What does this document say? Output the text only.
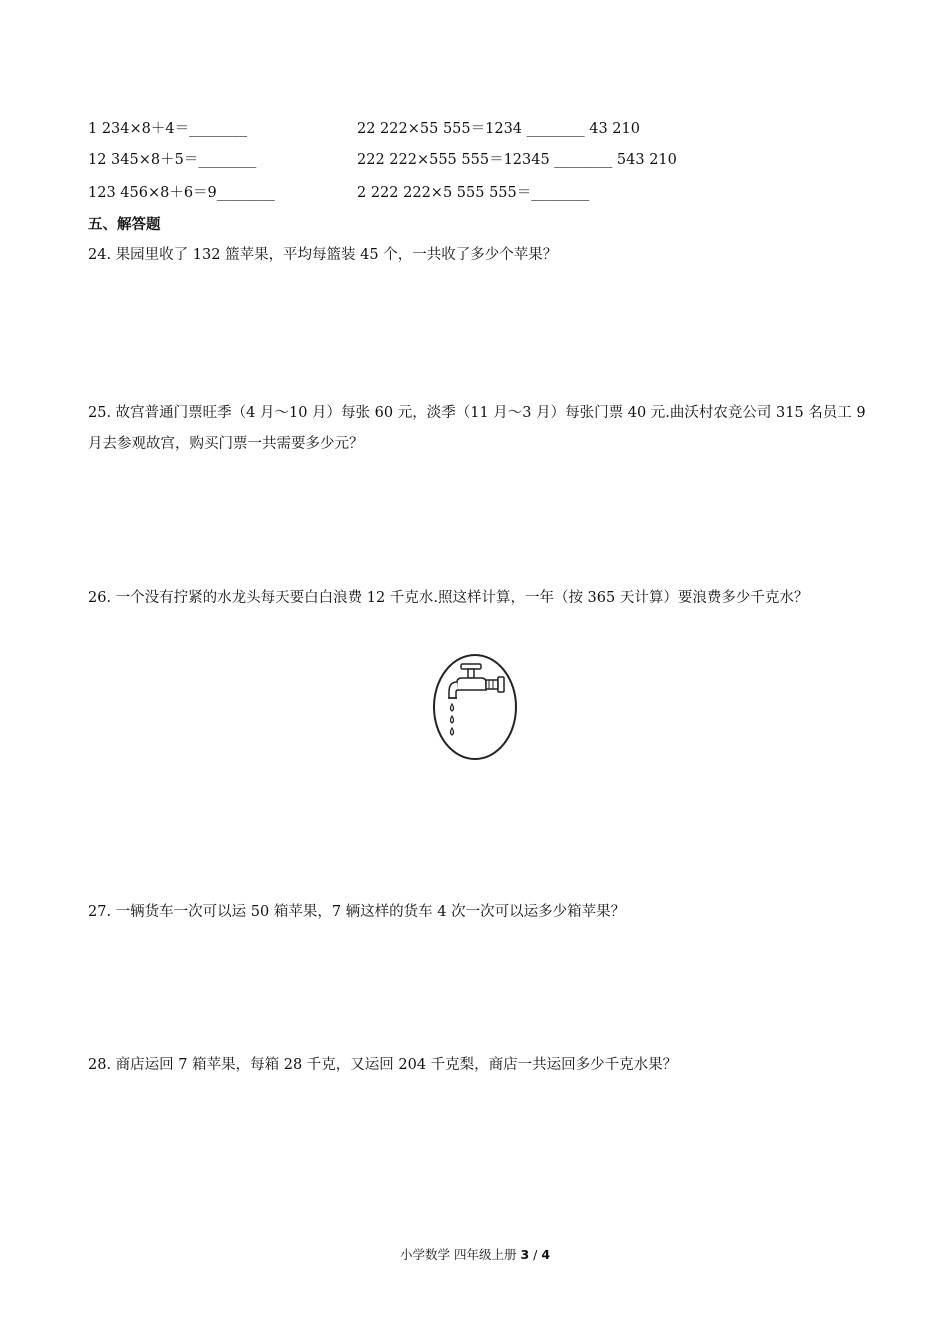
1 234×8＋4＝________
12 345×8＋5＝________
123 456×8＋6＝9________
22 222×55 555＝1234 ________ 43 210
222 222×555 555＝12345 ________ 543 210
2 222 222×5 555 555＝________
五、解答题
24. 果园里收了 132 篮苹果，平均每篮装 45 个，一共收了多少个苹果？
25. 故宫普通门票旺季（4 月～10 月）每张 60 元，淡季（11 月～3 月）每张门票 40 元.曲沃村农竞公司 315 名员工 9 月去参观故宫，购买门票一共需要多少元？
26. 一个没有拧紧的水龙头每天要白白浪费 12 千克水.照这样计算，一年（按 365 天计算）要浪费多少千克水？
27. 一辆货车一次可以运 50 箱苹果，7 辆这样的货车 4 次一次可以运多少箱苹果？
28. 商店运回 7 箱苹果，每箱 28 千克，又运回 204 千克梨，商店一共运回多少千克水果？
小学数学 四年级上册 3 / 4
